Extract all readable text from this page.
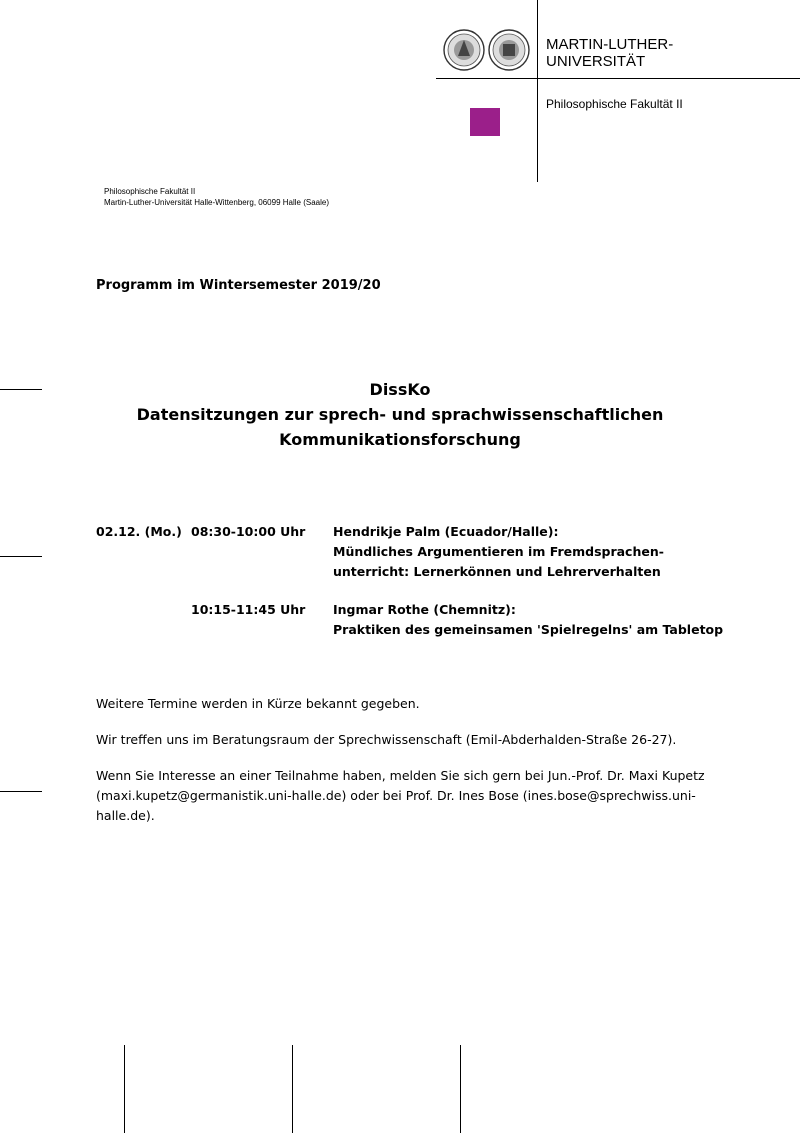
MARTIN-LUTHER-
UNIVERSITÄT
Philosophische Fakultät II
Philosophische Fakultät II
Martin-Luther-Universität Halle-Wittenberg, 06099 Halle (Saale)
Programm im Wintersemester 2019/20
DissKo
Datensitzungen zur sprech- und sprachwissenschaftlichen
Kommunikationsforschung
02.12. (Mo.) 08:30-10:00 Uhr Hendrikje Palm (Ecuador/Halle):
Mündliches Argumentieren im Fremdsprachen-
unterricht: Lernerkönnen und Lehrerverhalten
10:15-11:45 Uhr Ingmar Rothe (Chemnitz):
Praktiken des gemeinsamen 'Spielregelns' am Tabletop
Weitere Termine werden in Kürze bekannt gegeben.
Wir treffen uns im Beratungsraum der Sprechwissenschaft (Emil-Abderhalden-Straße 26-27).
Wenn Sie Interesse an einer Teilnahme haben, melden Sie sich gern bei Jun.-Prof. Dr. Maxi Kupetz
(maxi.kupetz@germanistik.uni-halle.de) oder bei Prof. Dr. Ines Bose (ines.bose@sprechwiss.uni-
halle.de).
